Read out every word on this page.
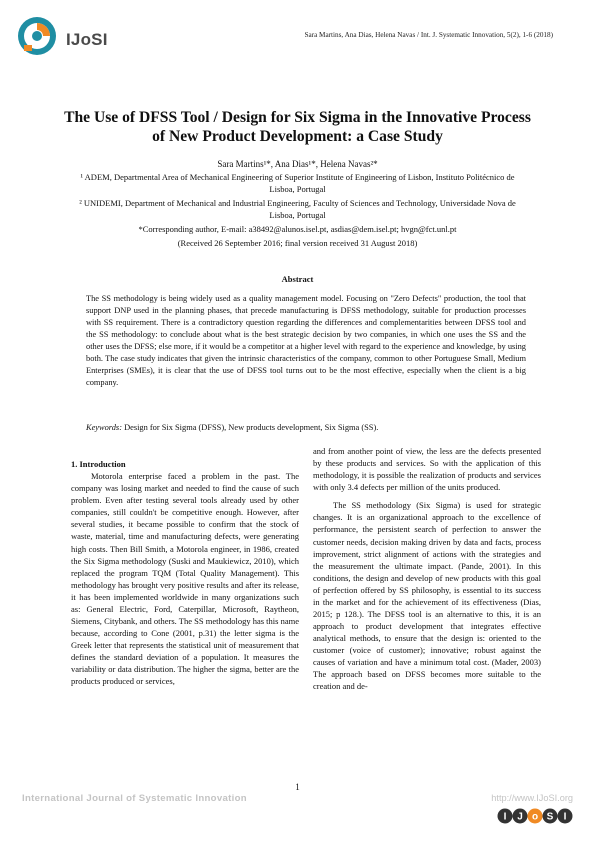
IJoSI	Sara Martins, Ana Dias, Helena Navas / Int. J. Systematic Innovation, 5(2), 1-6 (2018)
The Use of DFSS Tool / Design for Six Sigma in the Innovative Process of New Product Development: a Case Study
Sara Martins¹*, Ana Dias¹*, Helena Navas²*
¹ ADEM, Departmental Area of Mechanical Engineering of Superior Institute of Engineering of Lisbon, Instituto Politécnico de Lisboa, Portugal
² UNIDEMI, Department of Mechanical and Industrial Engineering, Faculty of Sciences and Technology, Universidade Nova de Lisboa, Portugal
*Corresponding author, E-mail: a38492@alunos.isel.pt, asdias@dem.isel.pt; hvgn@fct.unl.pt
(Received 26 September 2016; final version received 31 August 2018)
Abstract

The SS methodology is being widely used as a quality management model. Focusing on "Zero Defects" production, the tool that support DNP used in the planning phases, that precede manufacturing is DFSS methodology, suitable for production processes with SS requirement. There is a contradictory question regarding the differences and complementarities between DFSS tool and the SS methodology: to conclude about what is the best strategic decision by two companies, in which one uses the SS and the other uses the DFSS; else more, if it would be a competitor at a higher level with regard to the experience and knowledge, by using both. The case study indicates that given the intrinsic characteristics of the company, common to other Portuguese Small, Medium Enterprises (SMEs), it is clear that the use of DFSS tool turns out to be the most effective, especially when the client is a big company.

Keywords: Design for Six Sigma (DFSS), New products development, Six Sigma (SS).

1. Introduction

Motorola enterprise faced a problem in the past. The company was losing market and needed to find the cause of such problem. Even after testing several tools already used by other companies, still couldn't be competitive enough. However, after several studies, it became possible to confirm that the stock of waste, material, time and manufacturing defects, were generating high costs. Then Bill Smith, a Motorola engineer, in 1986, created the Six Sigma methodology (Suski and Maukiewicz, 2010), which replaced the program TQM (Total Quality Management). This methodology has brought very positive results and after its release, it has been implemented worldwide in many organizations such as: General Electric, Ford, Caterpillar, Microsoft, Raytheon, Siemens, Citybank, and others. The SS methodology has this name because, according to Cone (2001, p.31) the letter sigma is the Greek letter that represents the statistical unit of measurement that defines the standard deviation of a population. It measures the variability or data distribution. The higher the sigma, better are the products produced or services,

and from another point of view, the less are the defects presented by these products and services. So with the application of this methodology, it is possible the realization of products and services with only 3.4 defects per million of the units produced.

The SS methodology (Six Sigma) is used for strategic changes. It is an organizational approach to the excellence of performance, the persistent search of perfection to answer the customer needs, decision making driven by data and facts, process improvement, strict alignment of actions with the strategies and the measurement the ultimate impact. (Pande, 2001). In this conditions, the design and develop of new products with this goal of perfection offered by SS philosophy, is essential to its success in the market and for the achievement of its effectiveness (Dias, 2015; p 128.). The DFSS tool is an alternative to this, it is an approach to product development that integrates effective analytical methods, to ensure that the design is: oriented to the customer (voice of customer); innovative; robust against the causes of variation and have a minimum total cost. (Mader, 2003) The approach based on DFSS becomes more suitable to the creation and de-

International Journal of Systematic Innovation
1
http://www.IJoSI.org
I J o S I
